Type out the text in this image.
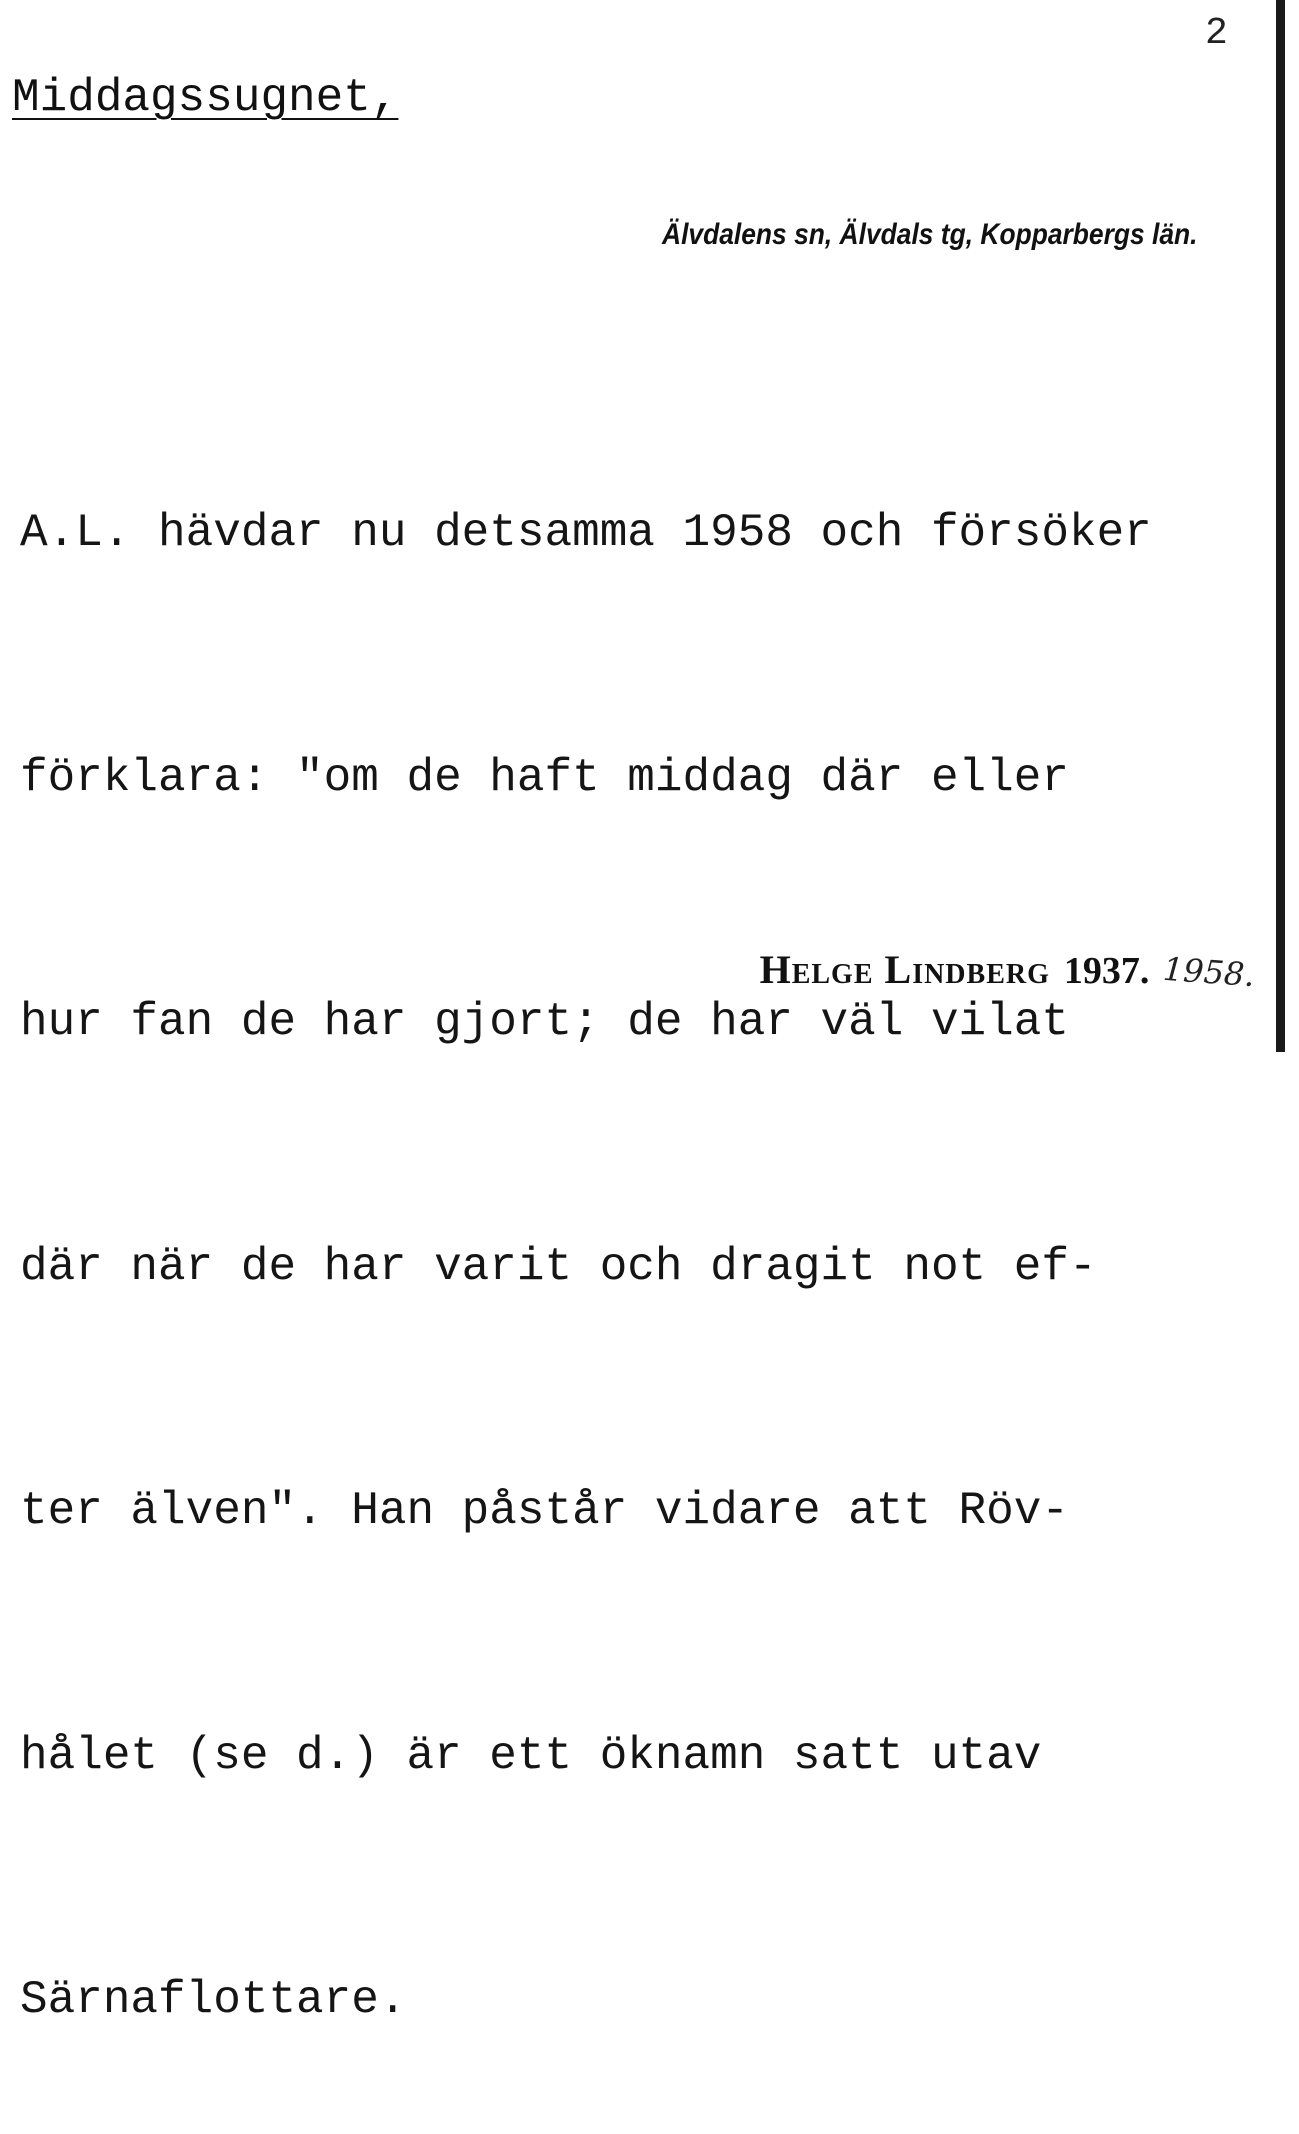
2
Middagssugnet,
Älvdalens sn, Älvdals tg, Kopparbergs län.

A.L. hävdar nu detsamma 1958 och försöker

förklara: "om de haft middag där eller

hur fan de har gjort; de har väl vilat

där när de har varit och dragit not ef-

ter älven". Han påstår vidare att Röv-

hålet (se d.) är ett öknamn satt utav

Särnaflottare.

Helge Lindberg 1937. 1958.
